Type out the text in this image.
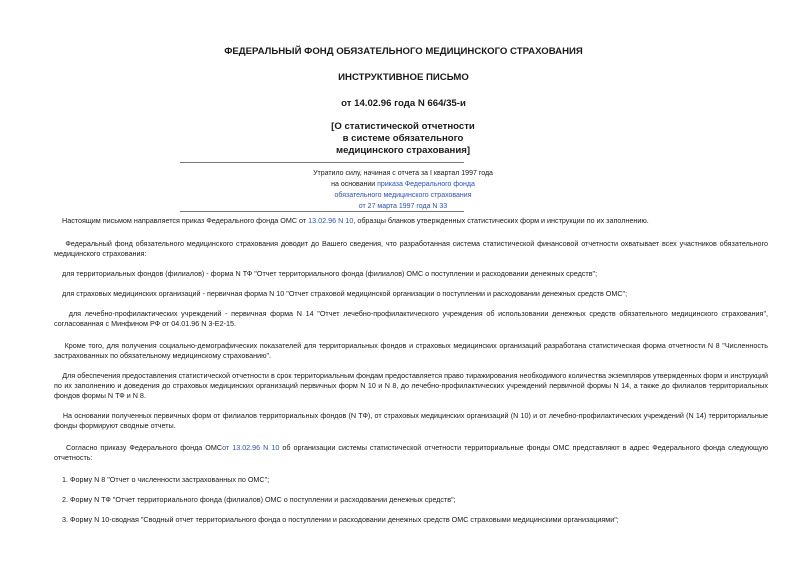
ФЕДЕРАЛЬНЫЙ ФОНД ОБЯЗАТЕЛЬНОГО МЕДИЦИНСКОГО СТРАХОВАНИЯ
ИНСТРУКТИВНОЕ ПИСЬМО
от 14.02.96 года N 664/35-и
[О статистической отчетности
в системе обязательного
медицинского страхования]
Утратило силу, начиная с отчета за I квартал 1997 года
на основании приказа Федерального фонда
обязательного медицинского страхования
от 27 марта 1997 года N 33
Настоящим письмом направляется приказ Федерального фонда ОМС от 13.02.96 N 10, образцы бланков утвержденных статистических форм и инструкции по их заполнению.
Федеральный фонд обязательного медицинского страхования доводит до Вашего сведения, что разработанная система статистической финансовой отчетности охватывает всех участников обязательного медицинского страхования:
для территориальных фондов (филиалов) - форма N ТФ "Отчет территориального фонда (филиалов) ОМС о поступлении и расходовании денежных средств";
для страховых медицинских организаций - первичная форма N 10 "Отчет страховой медицинской организации о поступлении и расходовании денежных средств ОМС";
для лечебно-профилактических учреждений - первичная форма N 14 "Отчет лечебно-профилактического учреждения об использовании денежных средств обязательного медицинского страхования", согласованная с Минфином РФ от 04.01.96 N 3-Е2-15.
Кроме того, для получения социально-демографических показателей для территориальных фондов и страховых медицинских организаций разработана статистическая форма отчетности N 8 "Численность застрахованных по обязательному медицинскому страхованию".
Для обеспечения предоставления статистической отчетности в срок территориальным фондам предоставляется право тиражирования необходимого количества экземпляров утвержденных форм и инструкций по их заполнению и доведения до страховых медицинских организаций первичных форм N 10 и N 8, до лечебно-профилактических учреждений первичной формы N 14, а также до филиалов территориальных фондов формы N ТФ и N 8.
На основании полученных первичных форм от филиалов территориальных фондов (N ТФ), от страховых медицинских организаций (N 10) и от лечебно-профилактических учреждений (N 14) территориальные фонды формируют сводные отчеты.
Согласно приказу Федерального фонда ОМСот 13.02.96 N 10 об организации системы статистической отчетности территориальные фонды ОМС представляют в адрес Федерального фонда следующую отчетность:
1. Форму N 8 "Отчет о численности застрахованных по ОМС";
2. Форму N ТФ "Отчет территориального фонда (филиалов) ОМС о поступлении и расходовании денежных средств";
3. Форму N 10-сводная "Сводный отчет территориального фонда о поступлении и расходовании денежных средств ОМС страховыми медицинскими организациями";
